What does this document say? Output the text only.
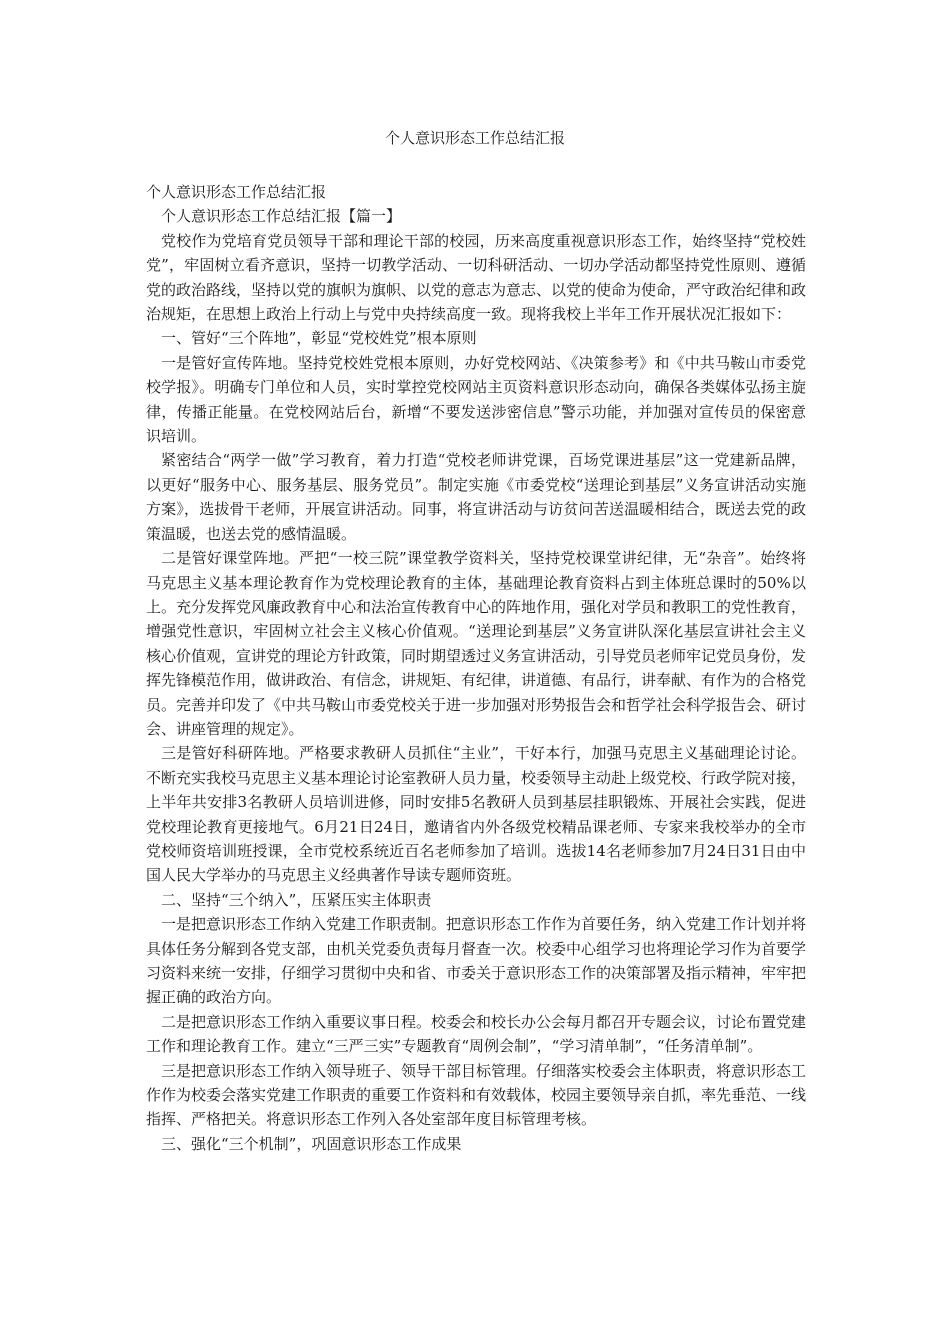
个人意识形态工作总结汇报

个人意识形态工作总结汇报

个人意识形态工作总结汇报【篇一】

党校作为党培育党员领导干部和理论干部的校园，历来高度重视意识形态工作，始终坚持“党校姓党”，牢固树立看齐意识，坚持一切教学活动、一切科研活动、一切办学活动都坚持党性原则、遵循党的政治路线，坚持以党的旗帜为旗帜、以党的意志为意志、以党的使命为使命，严守政治纪律和政治规矩，在思想上政治上行动上与党中央持续高度一致。现将我校上半年工作开展状况汇报如下：

一、管好“三个阵地”，彰显“党校姓党”根本原则

一是管好宣传阵地。坚持党校姓党根本原则，办好党校网站、《决策参考》和《中共马鞍山市委党校学报》。明确专门单位和人员，实时掌控党校网站主页资料意识形态动向，确保各类媒体弘扬主旋律，传播正能量。在党校网站后台，新增“不要发送涉密信息”警示功能，并加强对宣传员的保密意识培训。

紧密结合“两学一做”学习教育，着力打造“党校老师讲党课，百场党课进基层”这一党建新品牌，以更好“服务中心、服务基层、服务党员”。制定实施《市委党校“送理论到基层”义务宣讲活动实施方案》，选拔骨干老师，开展宣讲活动。同事，将宣讲活动与访贫问苦送温暖相结合，既送去党的政策温暖，也送去党的感情温暖。

二是管好课堂阵地。严把“一校三院”课堂教学资料关，坚持党校课堂讲纪律，无“杂音”。始终将马克思主义基本理论教育作为党校理论教育的主体，基础理论教育资料占到主体班总课时的50%以上。充分发挥党风廉政教育中心和法治宣传教育中心的阵地作用，强化对学员和教职工的党性教育，增强党性意识，牢固树立社会主义核心价值观。“送理论到基层”义务宣讲队深化基层宣讲社会主义核心价值观，宣讲党的理论方针政策，同时期望透过义务宣讲活动，引导党员老师牢记党员身份，发挥先锋模范作用，做讲政治、有信念，讲规矩、有纪律，讲道德、有品行，讲奉献、有作为的合格党员。完善并印发了《中共马鞍山市委党校关于进一步加强对形势报告会和哲学社会科学报告会、研讨会、讲座管理的规定》。

三是管好科研阵地。严格要求教研人员抓住“主业”，干好本行，加强马克思主义基础理论讨论。不断充实我校马克思主义基本理论讨论室教研人员力量，校委领导主动赴上级党校、行政学院对接，上半年共安排3名教研人员培训进修，同时安排5名教研人员到基层挂职锻炼、开展社会实践，促进党校理论教育更接地气。6月21日24日，邀请省内外各级党校精品课老师、专家来我校举办的全市党校师资培训班授课，全市党校系统近百名老师参加了培训。选拔14名老师参加7月24日31日由中国人民大学举办的马克思主义经典著作导读专题师资班。

二、坚持“三个纳入”，压紧压实主体职责

一是把意识形态工作纳入党建工作职责制。把意识形态工作作为首要任务，纳入党建工作计划并将具体任务分解到各党支部，由机关党委负责每月督查一次。校委中心组学习也将理论学习作为首要学习资料来统一安排，仔细学习贯彻中央和省、市委关于意识形态工作的决策部署及指示精神，牢牢把握正确的政治方向。

二是把意识形态工作纳入重要议事日程。校委会和校长办公会每月都召开专题会议，讨论布置党建工作和理论教育工作。建立“三严三实”专题教育“周例会制”，“学习清单制”，“任务清单制”。

三是把意识形态工作纳入领导班子、领导干部目标管理。仔细落实校委会主体职责，将意识形态工作作为校委会落实党建工作职责的重要工作资料和有效载体，校园主要领导亲自抓，率先垂范、一线指挥、严格把关。将意识形态工作列入各处室部年度目标管理考核。

三、强化“三个机制”，巩固意识形态工作成果
